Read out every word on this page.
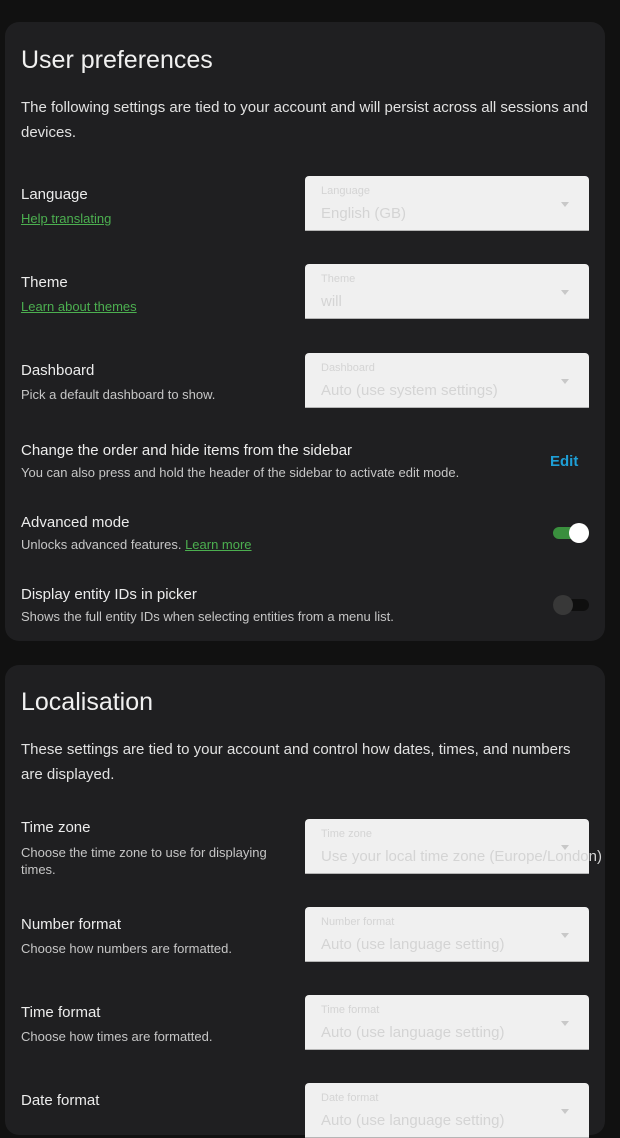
User preferences
The following settings are tied to your account and will persist across all sessions and devices.
Language
Help translating
Language
English (GB)
Theme
Learn about themes
Theme
will
Dashboard
Pick a default dashboard to show.
Dashboard
Auto (use system settings)
Change the order and hide items from the sidebar
You can also press and hold the header of the sidebar to activate edit mode.
Edit
Advanced mode
Unlocks advanced features. Learn more
Display entity IDs in picker
Shows the full entity IDs when selecting entities from a menu list.
Localisation
These settings are tied to your account and control how dates, times, and numbers are displayed.
Time zone
Choose the time zone to use for displaying times.
Time zone
Use your local time zone (Europe/London)
Number format
Choose how numbers are formatted.
Number format
Auto (use language setting)
Time format
Choose how times are formatted.
Time format
Auto (use language setting)
Date format	Date format
Auto (use language setting)
